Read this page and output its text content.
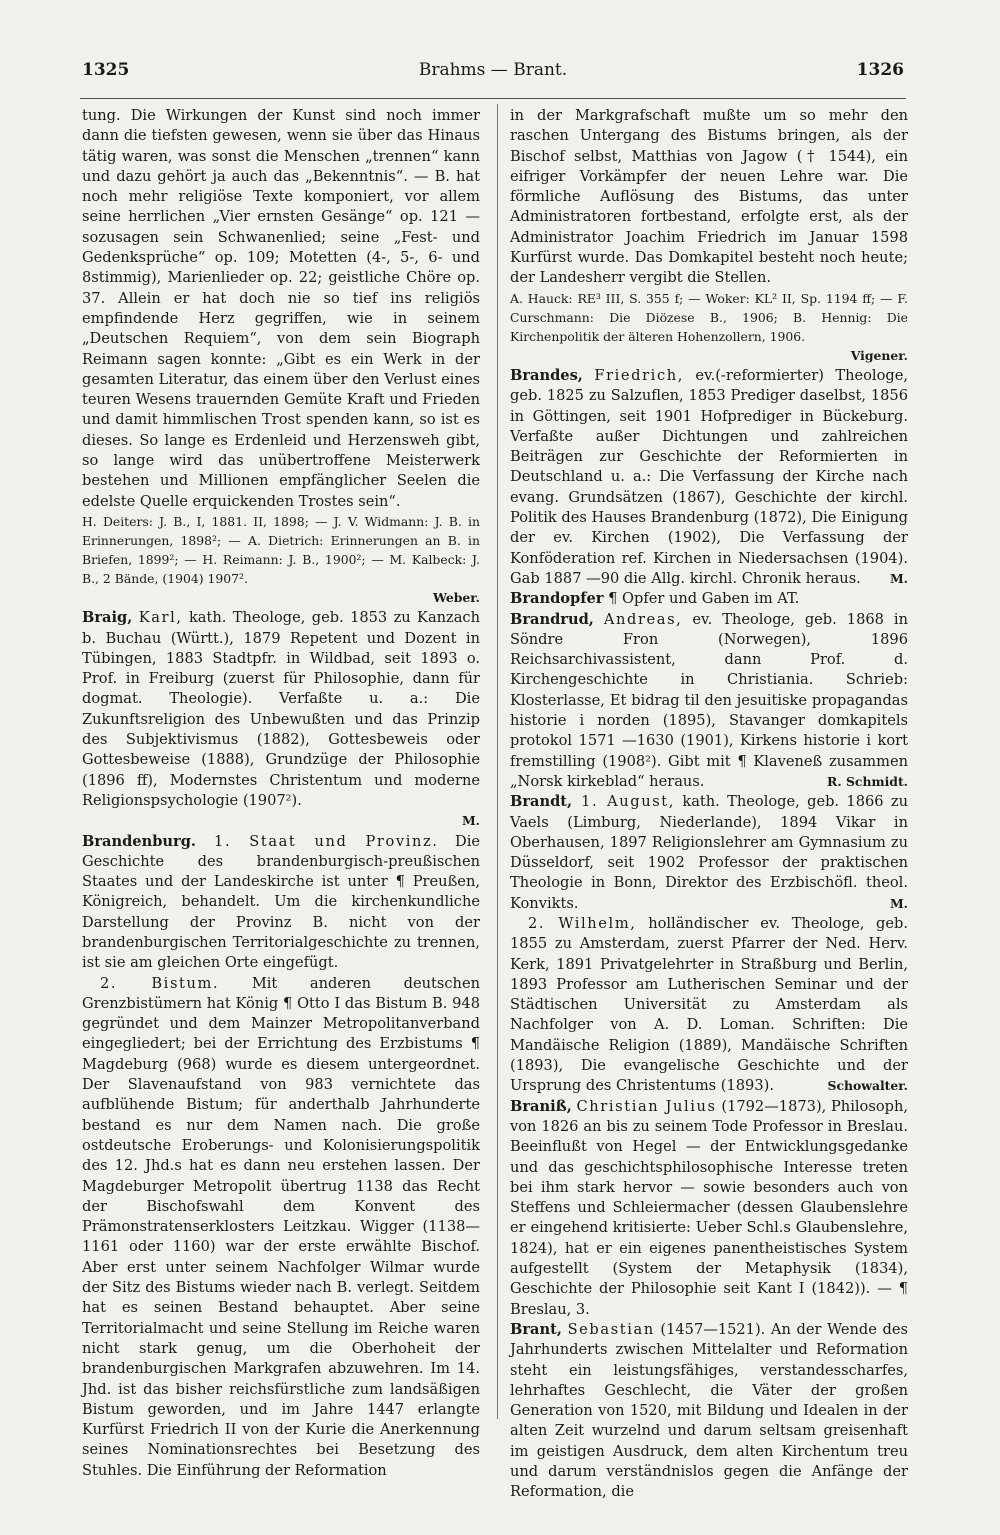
1325	Brahms — Brant.	1326

tung. Die Wirkungen der Kunst sind noch immer dann die tiefsten gewesen, wenn sie über das Hinaus tätig waren, was sonst die Menschen „trennen“ kann und dazu gehört ja auch das „Bekenntnis“. — B. hat noch mehr religiöse Texte komponiert, vor allem seine herrlichen „Vier ernsten Gesänge“ op. 121 — sozusagen sein Schwanenlied; seine „Fest- und Gedenksprüche“ op. 109; Motetten (4-, 5-, 6- und 8stimmig), Marienlieder op. 22; geistliche Chöre op. 37. Allein er hat doch nie so tief ins religiös empfindende Herz gegriffen, wie in seinem „Deutschen Requiem“, von dem sein Biograph Reimann sagen konnte: „Gibt es ein Werk in der gesamten Literatur, das einem über den Verlust eines teuren Wesens trauernden Gemüte Kraft und Frieden und damit himmlischen Trost spenden kann, so ist es dieses. So lange es Erdenleid und Herzensweh gibt, so lange wird das unübertroffene Meisterwerk bestehen und Millionen empfänglicher Seelen die edelste Quelle erquickenden Trostes sein“.

H. Deiters: J. B., I, 1881. II, 1898; — J. V. Widmann: J. B. in Erinnerungen, 1898²; — A. Dietrich: Erinnerungen an B. in Briefen, 1899²; — H. Reimann: J. B., 1900²; — M. Kalbeck: J. B., 2 Bände, (1904) 1907².

Weber.

Braig, Karl, kath. Theologe, geb. 1853 zu Kanzach b. Buchau (Württ.), 1879 Repetent und Dozent in Tübingen, 1883 Stadtpfr. in Wildbad, seit 1893 o. Prof. in Freiburg (zuerst für Philosophie, dann für dogmat. Theologie). Verfaßte u. a.: Die Zukunftsreligion des Unbewußten und das Prinzip des Subjektivismus (1882), Gottesbeweis oder Gottesbeweise (1888), Grundzüge der Philosophie (1896 ff), Modernstes Christentum und moderne Religionspsychologie (1907²).

M.

Brandenburg. 1. Staat und Provinz. Die Geschichte des brandenburgisch-preußischen Staates und der Landeskirche ist unter ¶ Preußen, Königreich, behandelt. Um die kirchenkundliche Darstellung der Provinz B. nicht von der brandenburgischen Territorialgeschichte zu trennen, ist sie am gleichen Orte eingefügt.

2. Bistum. Mit anderen deutschen Grenzbistümern hat König ¶ Otto I das Bistum B. 948 gegründet und dem Mainzer Metropolitanverband eingegliedert; bei der Errichtung des Erzbistums ¶ Magdeburg (968) wurde es diesem untergeordnet. Der Slavenaufstand von 983 vernichtete das aufblühende Bistum; für anderthalb Jahrhunderte bestand es nur dem Namen nach. Die große ostdeutsche Eroberungs- und Kolonisierungspolitik des 12. Jhd.s hat es dann neu erstehen lassen. Der Magdeburger Metropolit übertrug 1138 das Recht der Bischofswahl dem Konvent des Prämonstratenserklosters Leitzkau. Wigger (1138—1161 oder 1160) war der erste erwählte Bischof. Aber erst unter seinem Nachfolger Wilmar wurde der Sitz des Bistums wieder nach B. verlegt. Seitdem hat es seinen Bestand behauptet. Aber seine Territorialmacht und seine Stellung im Reiche waren nicht stark genug, um die Oberhoheit der brandenburgischen Markgrafen abzuwehren. Im 14. Jhd. ist das bisher reichsfürstliche zum landsäßigen Bistum geworden, und im Jahre 1447 erlangte Kurfürst Friedrich II von der Kurie die Anerkennung seines Nominationsrechtes bei Besetzung des Stuhles. Die Einführung der Reformation

in der Markgrafschaft mußte um so mehr den raschen Untergang des Bistums bringen, als der Bischof selbst, Matthias von Jagow († 1544), ein eifriger Vorkämpfer der neuen Lehre war. Die förmliche Auflösung des Bistums, das unter Administratoren fortbestand, erfolgte erst, als der Administrator Joachim Friedrich im Januar 1598 Kurfürst wurde. Das Domkapitel besteht noch heute; der Landesherr vergibt die Stellen.

A. Hauck: RE³ III, S. 355 f; — Woker: KL² II, Sp. 1194 ff; — F. Curschmann: Die Diözese B., 1906; B. Hennig: Die Kirchenpolitik der älteren Hohenzollern, 1906.

Vigener.

Brandes, Friedrich, ev.(-reformierter) Theologe, geb. 1825 zu Salzuflen, 1853 Prediger daselbst, 1856 in Göttingen, seit 1901 Hofprediger in Bückeburg. Verfaßte außer Dichtungen und zahlreichen Beiträgen zur Geschichte der Reformierten in Deutschland u. a.: Die Verfassung der Kirche nach evang. Grundsätzen (1867), Geschichte der kirchl. Politik des Hauses Brandenburg (1872), Die Einigung der ev. Kirchen (1902), Die Verfassung der Konföderation ref. Kirchen in Niedersachsen (1904). Gab 1887 —90 die Allg. kirchl. Chronik heraus. M.

Brandopfer ¶ Opfer und Gaben im AT.

Brandrud, Andreas, ev. Theologe, geb. 1868 in Söndre Fron (Norwegen), 1896 Reichsarchivassistent, dann Prof. d. Kirchengeschichte in Christiania. Schrieb: Klosterlasse, Et bidrag til den jesuitiske propagandas historie i norden (1895), Stavanger domkapitels protokol 1571 —1630 (1901), Kirkens historie i kort fremstilling (1908²). Gibt mit ¶ Klaveneß zusammen „Norsk kirkeblad“ heraus.	R. Schmidt.

Brandt, 1. August, kath. Theologe, geb. 1866 zu Vaels (Limburg, Niederlande), 1894 Vikar in Oberhausen, 1897 Religionslehrer am Gymnasium zu Düsseldorf, seit 1902 Professor der praktischen Theologie in Bonn, Direktor des Erzbischöfl. theol. Konvikts.	M.

2. Wilhelm, holländischer ev. Theologe, geb. 1855 zu Amsterdam, zuerst Pfarrer der Ned. Herv. Kerk, 1891 Privatgelehrter in Straßburg und Berlin, 1893 Professor am Lutherischen Seminar und der Städtischen Universität zu Amsterdam als Nachfolger von A. D. Loman. Schriften: Die Mandäische Religion (1889), Mandäische Schriften (1893), Die evangelische Geschichte und der Ursprung des Christentums (1893).	Schowalter.

Braniß, Christian Julius (1792—1873), Philosoph, von 1826 an bis zu seinem Tode Professor in Breslau. Beeinflußt von Hegel — der Entwicklungsgedanke und das geschichtsphilosophische Interesse treten bei ihm stark hervor — sowie besonders auch von Steffens und Schleiermacher (dessen Glaubenslehre er eingehend kritisierte: Ueber Schl.s Glaubenslehre, 1824), hat er ein eigenes panentheistisches System aufgestellt (System der Metaphysik (1834), Geschichte der Philosophie seit Kant I (1842)). — ¶ Breslau, 3.

Brant, Sebastian (1457—1521). An der Wende des Jahrhunderts zwischen Mittelalter und Reformation steht ein leistungsfähiges, verstandesscharfes, lehrhaftes Geschlecht, die Väter der großen Generation von 1520, mit Bildung und Idealen in der alten Zeit wurzelnd und darum seltsam greisenhaft im geistigen Ausdruck, dem alten Kirchentum treu und darum verständnislos gegen die Anfänge der Reformation, die
